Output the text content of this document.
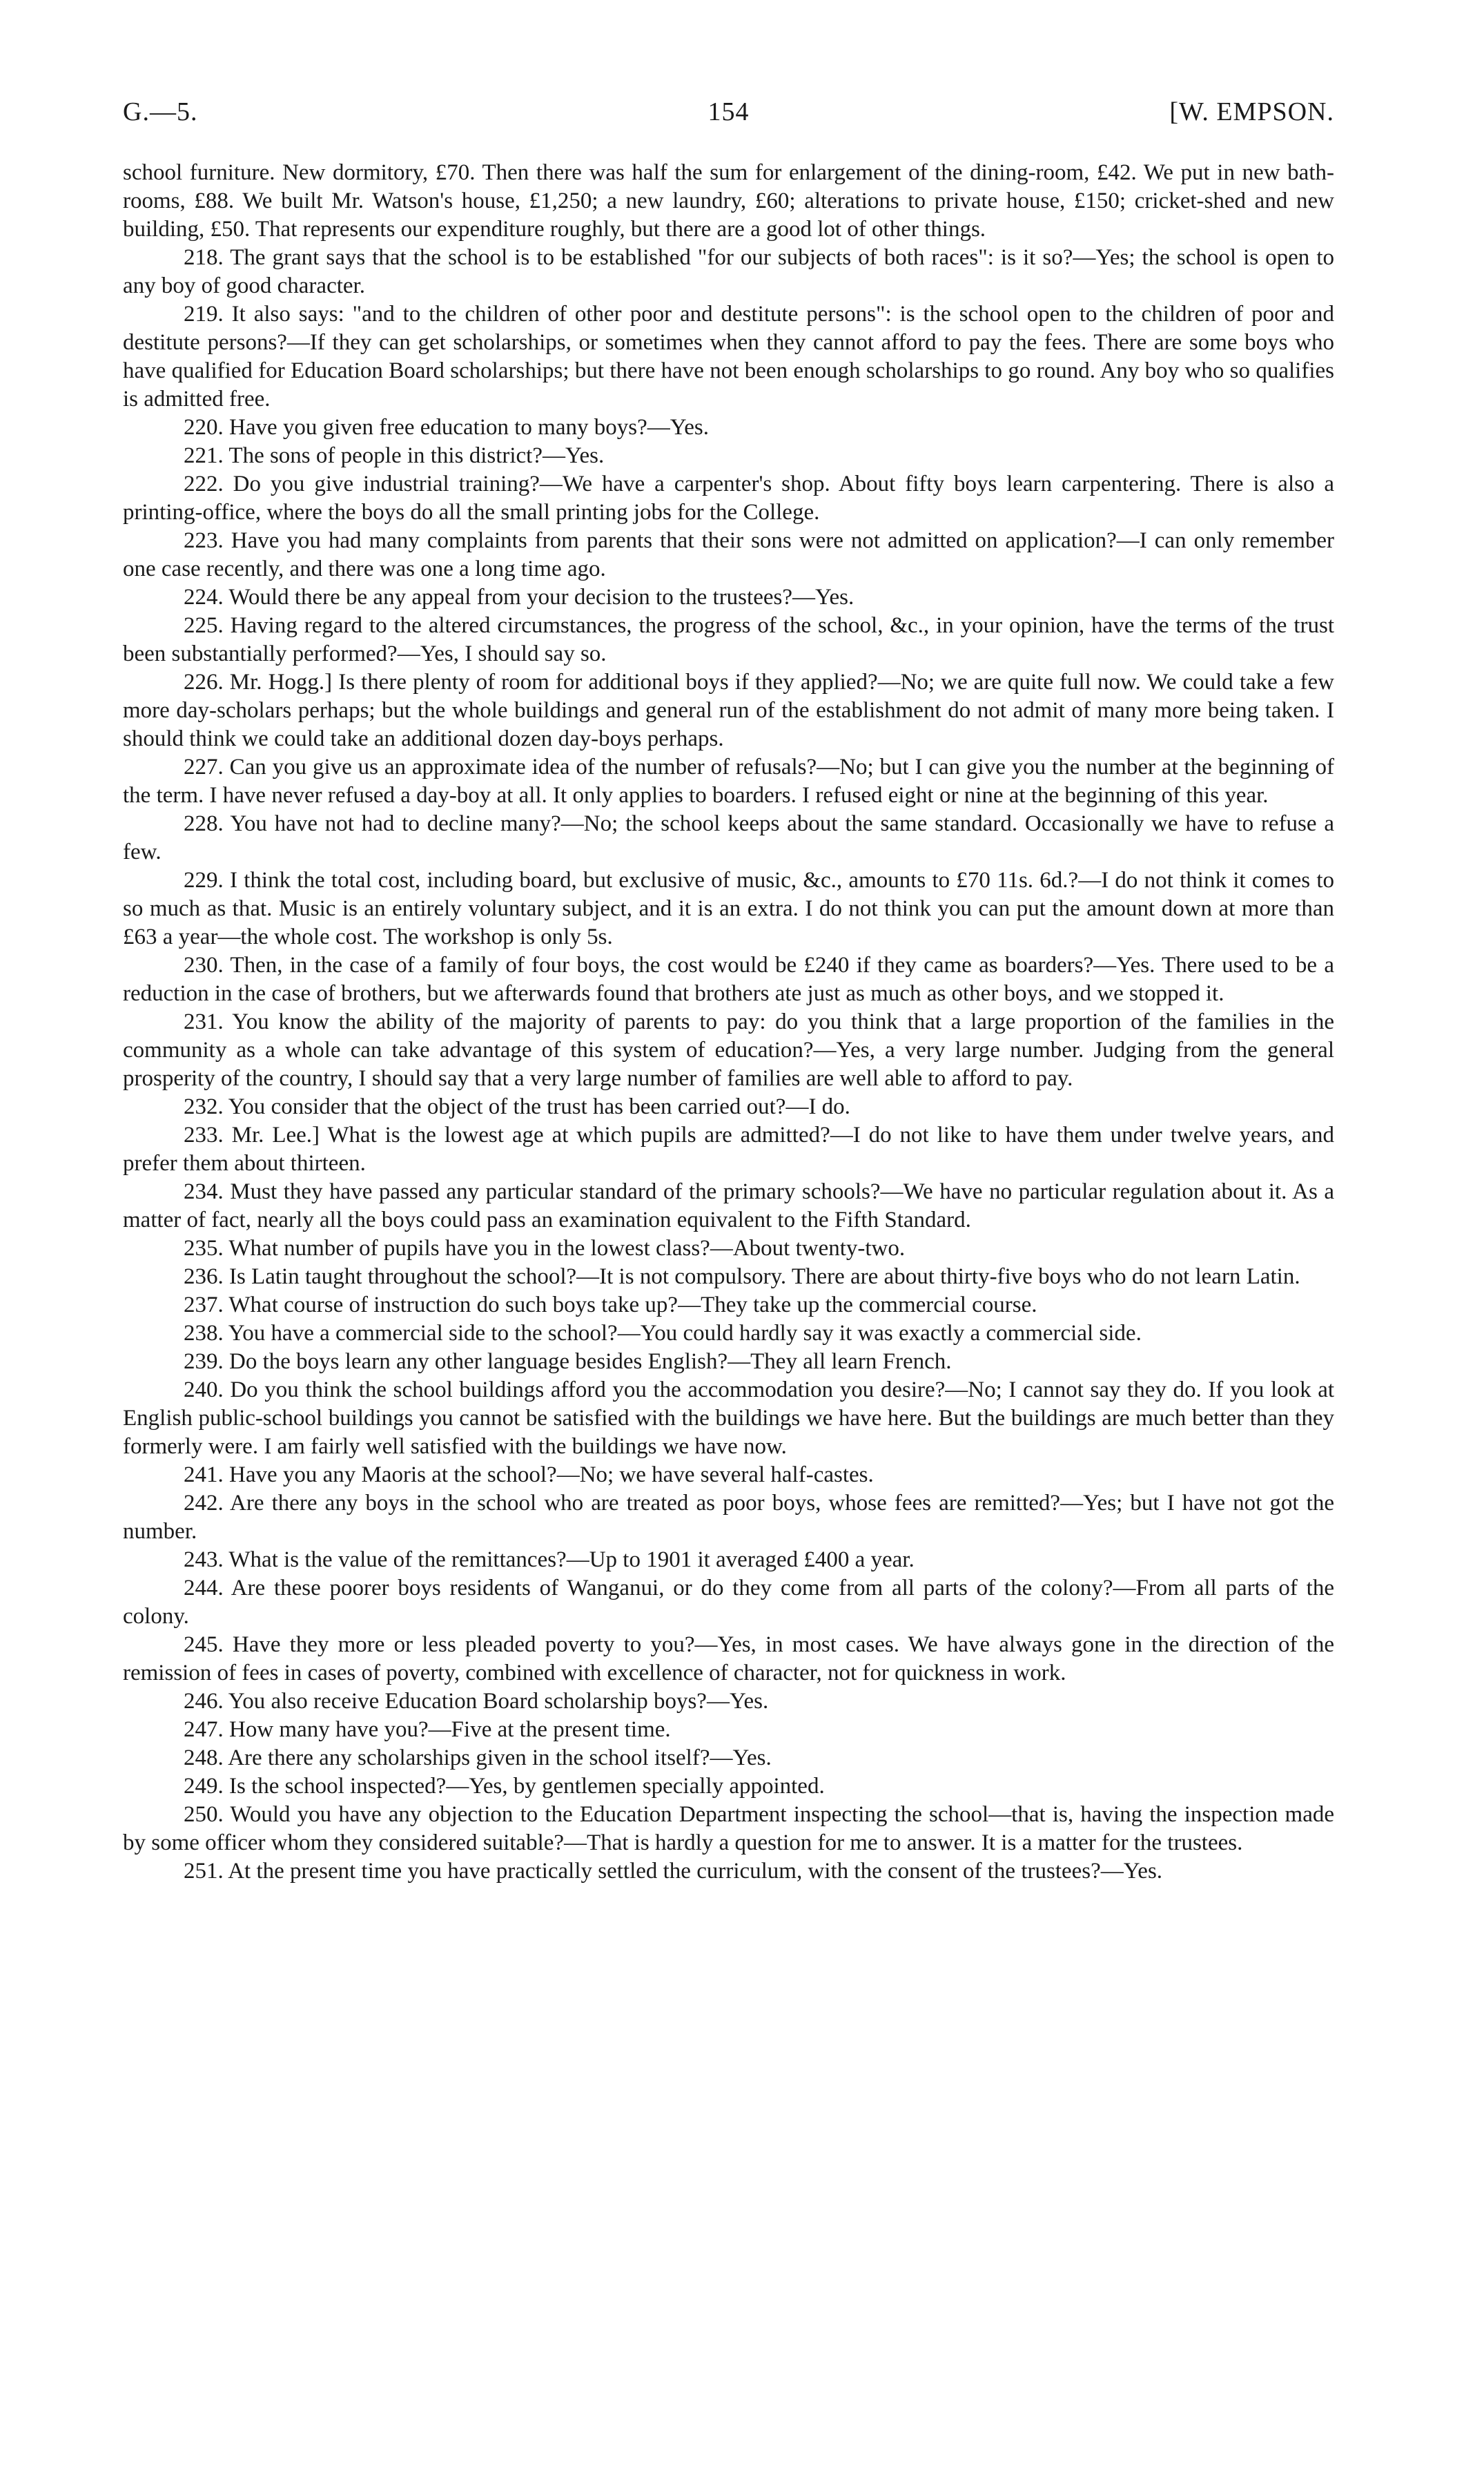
G.—5.	154	[W. EMPSON.

school furniture. New dormitory, £70. Then there was half the sum for enlargement of the dining-room, £42. We put in new bath-rooms, £88. We built Mr. Watson's house, £1,250; a new laundry, £60; alterations to private house, £150; cricket-shed and new building, £50. That represents our expenditure roughly, but there are a good lot of other things.

218. The grant says that the school is to be established "for our subjects of both races": is it so?—Yes; the school is open to any boy of good character.

219. It also says: "and to the children of other poor and destitute persons": is the school open to the children of poor and destitute persons?—If they can get scholarships, or sometimes when they cannot afford to pay the fees. There are some boys who have qualified for Education Board scholarships; but there have not been enough scholarships to go round. Any boy who so qualifies is admitted free.

220. Have you given free education to many boys?—Yes.

221. The sons of people in this district?—Yes.

222. Do you give industrial training?—We have a carpenter's shop. About fifty boys learn carpentering. There is also a printing-office, where the boys do all the small printing jobs for the College.

223. Have you had many complaints from parents that their sons were not admitted on application?—I can only remember one case recently, and there was one a long time ago.

224. Would there be any appeal from your decision to the trustees?—Yes.

225. Having regard to the altered circumstances, the progress of the school, &c., in your opinion, have the terms of the trust been substantially performed?—Yes, I should say so.

226. Mr. Hogg.] Is there plenty of room for additional boys if they applied?—No; we are quite full now. We could take a few more day-scholars perhaps; but the whole buildings and general run of the establishment do not admit of many more being taken. I should think we could take an additional dozen day-boys perhaps.

227. Can you give us an approximate idea of the number of refusals?—No; but I can give you the number at the beginning of the term. I have never refused a day-boy at all. It only applies to boarders. I refused eight or nine at the beginning of this year.

228. You have not had to decline many?—No; the school keeps about the same standard. Occasionally we have to refuse a few.

229. I think the total cost, including board, but exclusive of music, &c., amounts to £70 11s. 6d.?—I do not think it comes to so much as that. Music is an entirely voluntary subject, and it is an extra. I do not think you can put the amount down at more than £63 a year—the whole cost. The workshop is only 5s.

230. Then, in the case of a family of four boys, the cost would be £240 if they came as boarders?—Yes. There used to be a reduction in the case of brothers, but we afterwards found that brothers ate just as much as other boys, and we stopped it.

231. You know the ability of the majority of parents to pay: do you think that a large proportion of the families in the community as a whole can take advantage of this system of education?—Yes, a very large number. Judging from the general prosperity of the country, I should say that a very large number of families are well able to afford to pay.

232. You consider that the object of the trust has been carried out?—I do.

233. Mr. Lee.] What is the lowest age at which pupils are admitted?—I do not like to have them under twelve years, and prefer them about thirteen.

234. Must they have passed any particular standard of the primary schools?—We have no particular regulation about it. As a matter of fact, nearly all the boys could pass an examination equivalent to the Fifth Standard.

235. What number of pupils have you in the lowest class?—About twenty-two.

236. Is Latin taught throughout the school?—It is not compulsory. There are about thirty-five boys who do not learn Latin.

237. What course of instruction do such boys take up?—They take up the commercial course.

238. You have a commercial side to the school?—You could hardly say it was exactly a commercial side.

239. Do the boys learn any other language besides English?—They all learn French.

240. Do you think the school buildings afford you the accommodation you desire?—No; I cannot say they do. If you look at English public-school buildings you cannot be satisfied with the buildings we have here. But the buildings are much better than they formerly were. I am fairly well satisfied with the buildings we have now.

241. Have you any Maoris at the school?—No; we have several half-castes.

242. Are there any boys in the school who are treated as poor boys, whose fees are remitted?—Yes; but I have not got the number.

243. What is the value of the remittances?—Up to 1901 it averaged £400 a year.

244. Are these poorer boys residents of Wanganui, or do they come from all parts of the colony?—From all parts of the colony.

245. Have they more or less pleaded poverty to you?—Yes, in most cases. We have always gone in the direction of the remission of fees in cases of poverty, combined with excellence of character, not for quickness in work.

246. You also receive Education Board scholarship boys?—Yes.

247. How many have you?—Five at the present time.

248. Are there any scholarships given in the school itself?—Yes.

249. Is the school inspected?—Yes, by gentlemen specially appointed.

250. Would you have any objection to the Education Department inspecting the school—that is, having the inspection made by some officer whom they considered suitable?—That is hardly a question for me to answer. It is a matter for the trustees.

251. At the present time you have practically settled the curriculum, with the consent of the trustees?—Yes.
